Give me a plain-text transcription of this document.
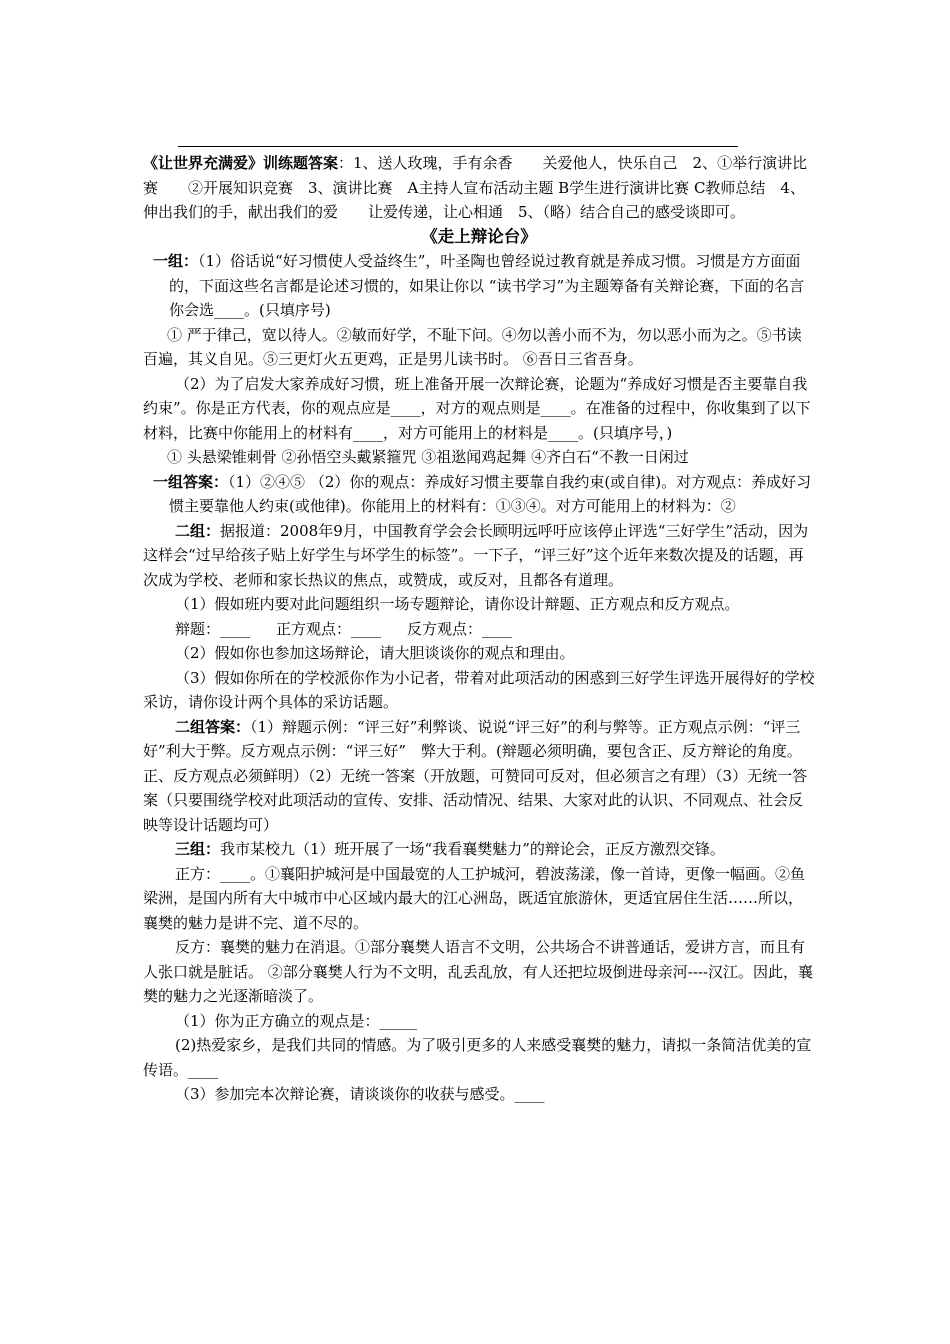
《让世界充满爱》训练题答案：1、送人玫瑰，手有余香　　关爱他人，快乐自己　2、①举行演讲比赛　　②开展知识竞赛　3、演讲比赛　A主持人宣布活动主题 B学生进行演讲比赛 C教师总结　4、伸出我们的手，献出我们的爱　　让爱传递，让心相通　5、（略）结合自己的感受谈即可。

《走上辩论台》

一组：（1）俗话说“好习惯使人受益终生”，叶圣陶也曾经说过教育就是养成习惯。习惯是方方面面的，下面这些名言都是论述习惯的，如果让你以 “读书学习”为主题筹备有关辩论赛，下面的名言你会选____。(只填序号)

① 严于律己，宽以待人。②敏而好学，不耻下问。④勿以善小而不为，勿以恶小而为之。⑤书读百遍，其义自见。⑤三更灯火五更鸡，正是男儿读书时。 ⑥吾日三省吾身。

（2）为了启发大家养成好习惯，班上准备开展一次辩论赛，论题为“养成好习惯是否主要靠自我约束”。你是正方代表，你的观点应是____，对方的观点则是____。在准备的过程中，你收集到了以下材料，比赛中你能用上的材料有____，对方可能用上的材料是____。(只填序号，)

① 头悬梁锥刺骨 ②孙悟空头戴紧箍咒 ③祖逖闻鸡起舞 ④齐白石“不教一日闲过

一组答案：（1）②④⑤ （2）你的观点：养成好习惯主要靠自我约束(或自律)。对方观点：养成好习惯主要靠他人约束(或他律)。你能用上的材料有：①③④。对方可能用上的材料为：②

二组：据报道：2008年9月，中国教育学会会长顾明远呼吁应该停止评选“三好学生”活动，因为这样会“过早给孩子贴上好学生与坏学生的标签”。一下子，“评三好”这个近年来数次提及的话题，再次成为学校、老师和家长热议的焦点，或赞成，或反对，且都各有道理。

（1）假如班内要对此问题组织一场专题辩论，请你设计辩题、正方观点和反方观点。

辩题：____ 正方观点：____ 反方观点：____

（2）假如你也参加这场辩论，请大胆谈谈你的观点和理由。

（3）假如你所在的学校派你作为小记者，带着对此项活动的困惑到三好学生评选开展得好的学校采访，请你设计两个具体的采访话题。

二组答案：（1）辩题示例：“评三好”利弊谈、说说“评三好”的利与弊等。正方观点示例：“评三好”利大于弊。反方观点示例：“评三好”　弊大于利。(辩题必须明确，要包含正、反方辩论的角度。正、反方观点必须鲜明）（2）无统一答案（开放题，可赞同可反对，但必须言之有理）（3）无统一答案（只要围绕学校对此项活动的宣传、安排、活动情况、结果、大家对此的认识、不同观点、社会反映等设计话题均可）

三组：我市某校九（1）班开展了一场“我看襄樊魅力”的辩论会，正反方激烈交锋。

正方：____。①襄阳护城河是中国最宽的人工护城河，碧波荡漾，像一首诗，更像一幅画。②鱼梁洲，是国内所有大中城市中心区域内最大的江心洲岛，既适宜旅游休，更适宜居住生活……所以，襄樊的魅力是讲不完、道不尽的。

反方：襄樊的魅力在消退。①部分襄樊人语言不文明，公共场合不讲普通话，爱讲方言，而且有人张口就是脏话。 ②部分襄樊人行为不文明，乱丢乱放，有人还把垃圾倒进母亲河----汉江。因此，襄樊的魅力之光逐渐暗淡了。

（1）你为正方确立的观点是：_____

(2)热爱家乡，是我们共同的情感。为了吸引更多的人来感受襄樊的魅力，请拟一条简洁优美的宣传语。____

（3）参加完本次辩论赛，请谈谈你的收获与感受。____
